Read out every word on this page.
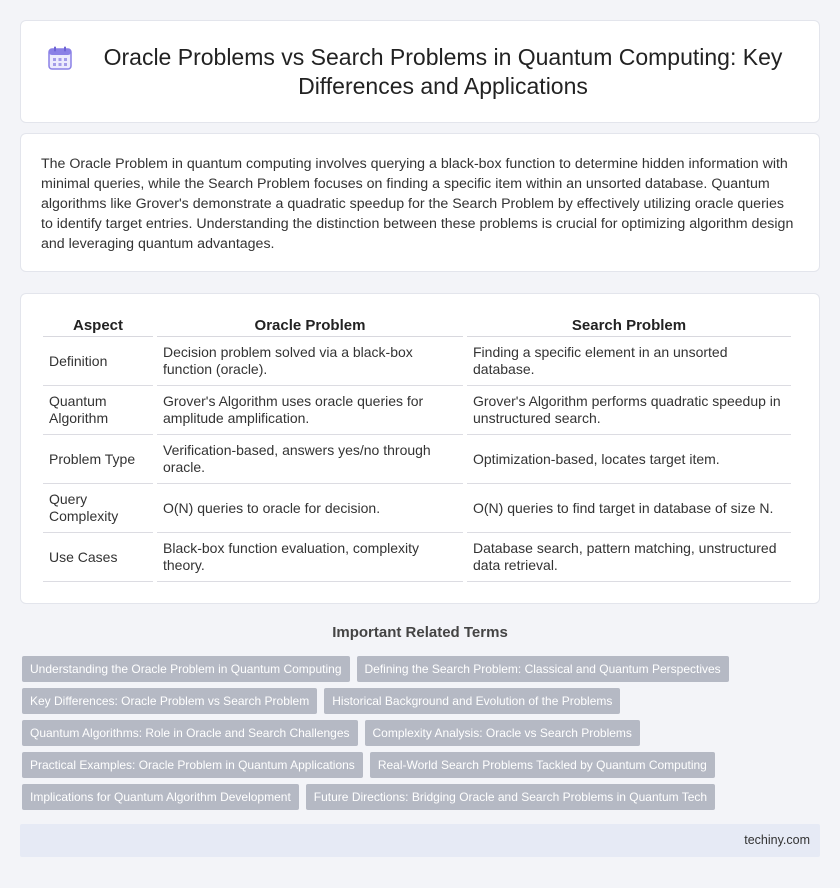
Oracle Problems vs Search Problems in Quantum Computing: Key Differences and Applications

The Oracle Problem in quantum computing involves querying a black-box function to determine hidden information with minimal queries, while the Search Problem focuses on finding a specific item within an unsorted database. Quantum algorithms like Grover's demonstrate a quadratic speedup for the Search Problem by effectively utilizing oracle queries to identify target entries. Understanding the distinction between these problems is crucial for optimizing algorithm design and leveraging quantum advantages.

Aspect	Oracle Problem	Search Problem
Definition	Decision problem solved via a black-box function (oracle).	Finding a specific element in an unsorted database.
Quantum Algorithm	Grover's Algorithm uses oracle queries for amplitude amplification.	Grover's Algorithm performs quadratic speedup in unstructured search.
Problem Type	Verification-based, answers yes/no through oracle.	Optimization-based, locates target item.
Query Complexity	O(N) queries to oracle for decision.	O(N) queries to find target in database of size N.
Use Cases	Black-box function evaluation, complexity theory.	Database search, pattern matching, unstructured data retrieval.
Important Related Terms
Understanding the Oracle Problem in Quantum Computing	Defining the Search Problem: Classical and Quantum Perspectives
Key Differences: Oracle Problem vs Search Problem	Historical Background and Evolution of the Problems
Quantum Algorithms: Role in Oracle and Search Challenges	Complexity Analysis: Oracle vs Search Problems
Practical Examples: Oracle Problem in Quantum Applications	Real-World Search Problems Tackled by Quantum Computing
Implications for Quantum Algorithm Development	Future Directions: Bridging Oracle and Search Problems in Quantum Tech
techiny.com
